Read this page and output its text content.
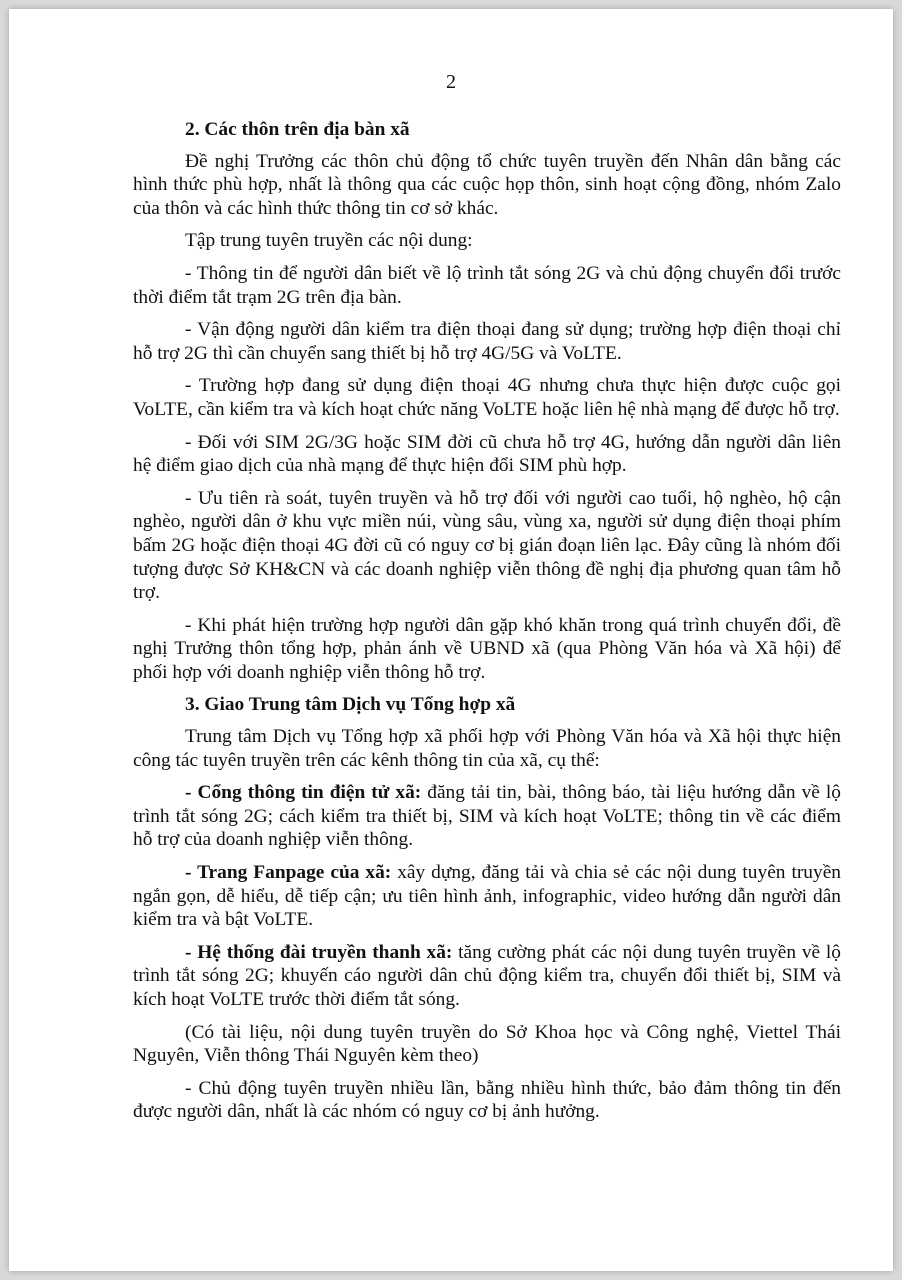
2

2. Các thôn trên địa bàn xã

Đề nghị Trưởng các thôn chủ động tổ chức tuyên truyền đến Nhân dân bằng các hình thức phù hợp, nhất là thông qua các cuộc họp thôn, sinh hoạt cộng đồng, nhóm Zalo của thôn và các hình thức thông tin cơ sở khác.

Tập trung tuyên truyền các nội dung:

- Thông tin để người dân biết về lộ trình tắt sóng 2G và chủ động chuyển đổi trước thời điểm tắt trạm 2G trên địa bàn.

- Vận động người dân kiểm tra điện thoại đang sử dụng; trường hợp điện thoại chỉ hỗ trợ 2G thì cần chuyển sang thiết bị hỗ trợ 4G/5G và VoLTE.

- Trường hợp đang sử dụng điện thoại 4G nhưng chưa thực hiện được cuộc gọi VoLTE, cần kiểm tra và kích hoạt chức năng VoLTE hoặc liên hệ nhà mạng để được hỗ trợ.

- Đối với SIM 2G/3G hoặc SIM đời cũ chưa hỗ trợ 4G, hướng dẫn người dân liên hệ điểm giao dịch của nhà mạng để thực hiện đổi SIM phù hợp.

- Ưu tiên rà soát, tuyên truyền và hỗ trợ đối với người cao tuổi, hộ nghèo, hộ cận nghèo, người dân ở khu vực miền núi, vùng sâu, vùng xa, người sử dụng điện thoại phím bấm 2G hoặc điện thoại 4G đời cũ có nguy cơ bị gián đoạn liên lạc. Đây cũng là nhóm đối tượng được Sở KH&CN và các doanh nghiệp viễn thông đề nghị địa phương quan tâm hỗ trợ.

- Khi phát hiện trường hợp người dân gặp khó khăn trong quá trình chuyển đổi, đề nghị Trưởng thôn tổng hợp, phản ánh về UBND xã (qua Phòng Văn hóa và Xã hội) để phối hợp với doanh nghiệp viễn thông hỗ trợ.

3. Giao Trung tâm Dịch vụ Tổng hợp xã

Trung tâm Dịch vụ Tổng hợp xã phối hợp với Phòng Văn hóa và Xã hội thực hiện công tác tuyên truyền trên các kênh thông tin của xã, cụ thể:

- Cổng thông tin điện tử xã: đăng tải tin, bài, thông báo, tài liệu hướng dẫn về lộ trình tắt sóng 2G; cách kiểm tra thiết bị, SIM và kích hoạt VoLTE; thông tin về các điểm hỗ trợ của doanh nghiệp viễn thông.

- Trang Fanpage của xã: xây dựng, đăng tải và chia sẻ các nội dung tuyên truyền ngắn gọn, dễ hiểu, dễ tiếp cận; ưu tiên hình ảnh, infographic, video hướng dẫn người dân kiểm tra và bật VoLTE.

- Hệ thống đài truyền thanh xã: tăng cường phát các nội dung tuyên truyền về lộ trình tắt sóng 2G; khuyến cáo người dân chủ động kiểm tra, chuyển đổi thiết bị, SIM và kích hoạt VoLTE trước thời điểm tắt sóng.

(Có tài liệu, nội dung tuyên truyền do Sở Khoa học và Công nghệ, Viettel Thái Nguyên, Viễn thông Thái Nguyên kèm theo)

- Chủ động tuyên truyền nhiều lần, bằng nhiều hình thức, bảo đảm thông tin đến được người dân, nhất là các nhóm có nguy cơ bị ảnh hưởng.
